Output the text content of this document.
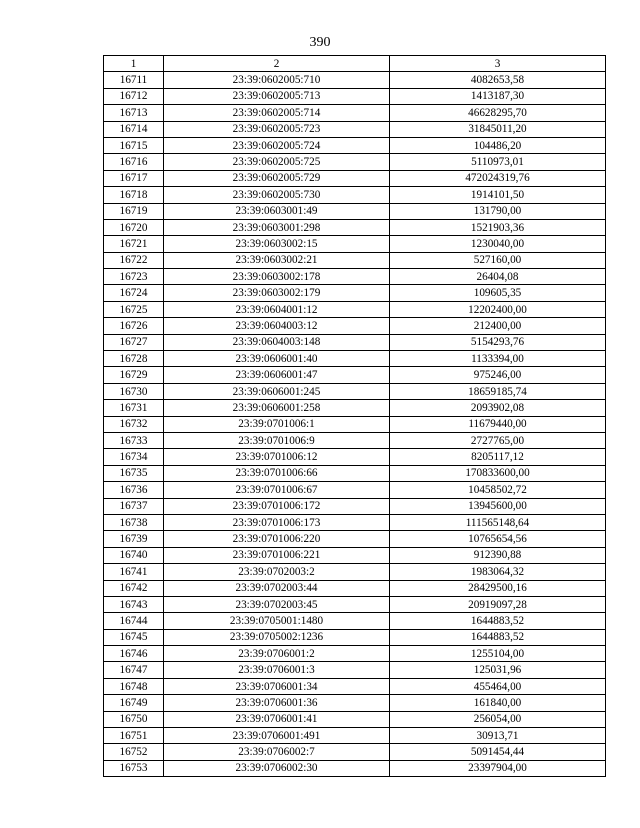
390
1	2	3
16711	23:39:0602005:710	4082653,58
16712	23:39:0602005:713	1413187,30
16713	23:39:0602005:714	46628295,70
16714	23:39:0602005:723	31845011,20
16715	23:39:0602005:724	104486,20
16716	23:39:0602005:725	5110973,01
16717	23:39:0602005:729	472024319,76
16718	23:39:0602005:730	1914101,50
16719	23:39:0603001:49	131790,00
16720	23:39:0603001:298	1521903,36
16721	23:39:0603002:15	1230040,00
16722	23:39:0603002:21	527160,00
16723	23:39:0603002:178	26404,08
16724	23:39:0603002:179	109605,35
16725	23:39:0604001:12	12202400,00
16726	23:39:0604003:12	212400,00
16727	23:39:0604003:148	5154293,76
16728	23:39:0606001:40	1133394,00
16729	23:39:0606001:47	975246,00
16730	23:39:0606001:245	18659185,74
16731	23:39:0606001:258	2093902,08
16732	23:39:0701006:1	11679440,00
16733	23:39:0701006:9	2727765,00
16734	23:39:0701006:12	8205117,12
16735	23:39:0701006:66	170833600,00
16736	23:39:0701006:67	10458502,72
16737	23:39:0701006:172	13945600,00
16738	23:39:0701006:173	111565148,64
16739	23:39:0701006:220	10765654,56
16740	23:39:0701006:221	912390,88
16741	23:39:0702003:2	1983064,32
16742	23:39:0702003:44	28429500,16
16743	23:39:0702003:45	20919097,28
16744	23:39:0705001:1480	1644883,52
16745	23:39:0705002:1236	1644883,52
16746	23:39:0706001:2	1255104,00
16747	23:39:0706001:3	125031,96
16748	23:39:0706001:34	455464,00
16749	23:39:0706001:36	161840,00
16750	23:39:0706001:41	256054,00
16751	23:39:0706001:491	30913,71
16752	23:39:0706002:7	5091454,44
16753	23:39:0706002:30	23397904,00
